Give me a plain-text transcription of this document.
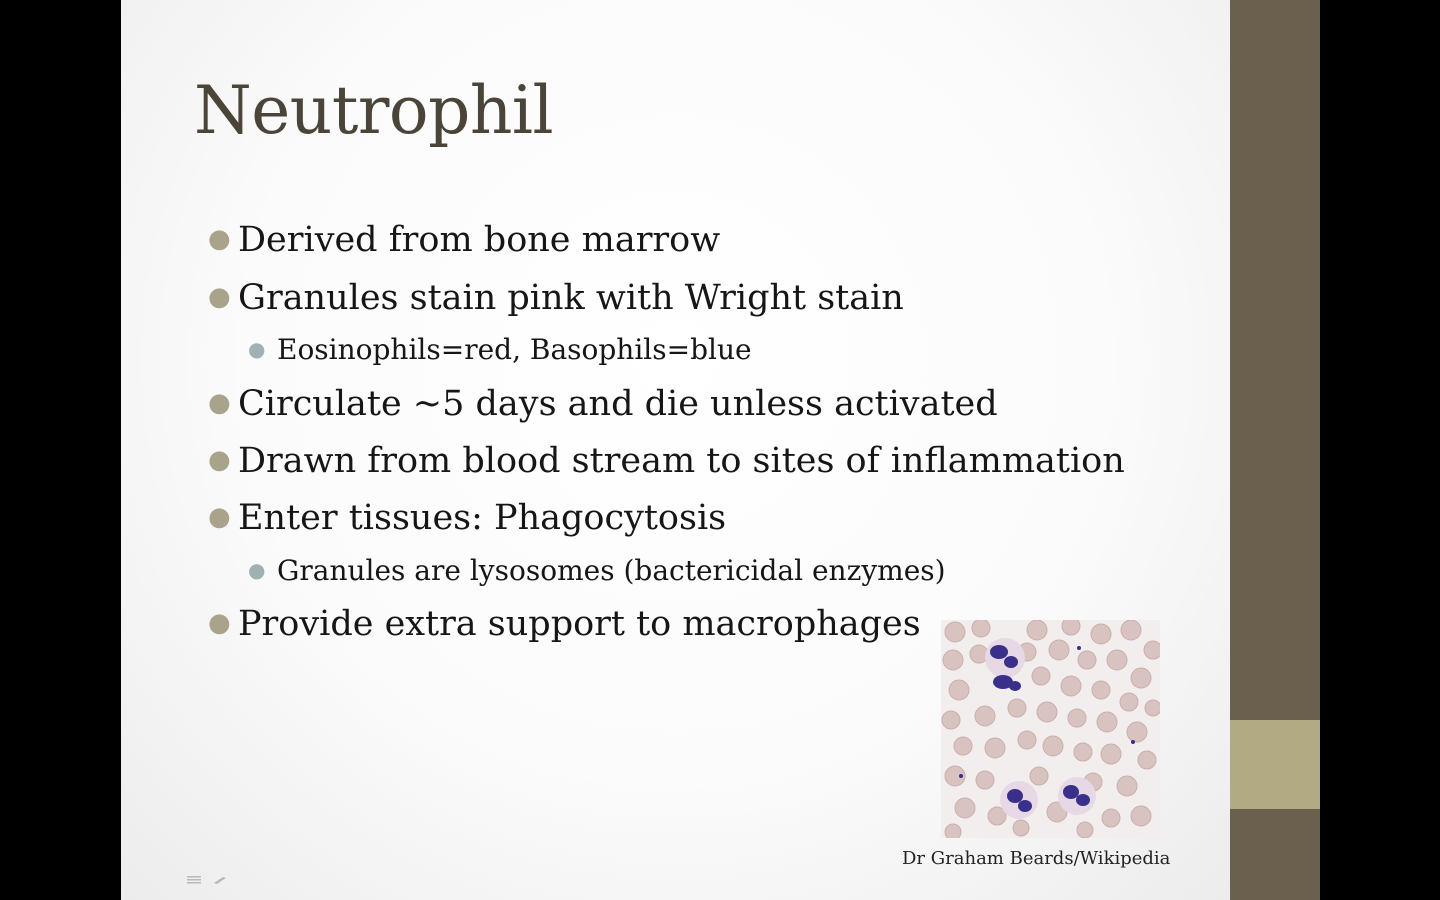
Neutrophil
● Derived from bone marrow
● Granules stain pink with Wright stain
● Eosinophils=red, Basophils=blue
● Circulate ~5 days and die unless activated
● Drawn from blood stream to sites of inflammation
● Enter tissues: Phagocytosis
● Granules are lysosomes (bactericidal enzymes)
● Provide extra support to macrophages
Dr Graham Beards/Wikipedia
